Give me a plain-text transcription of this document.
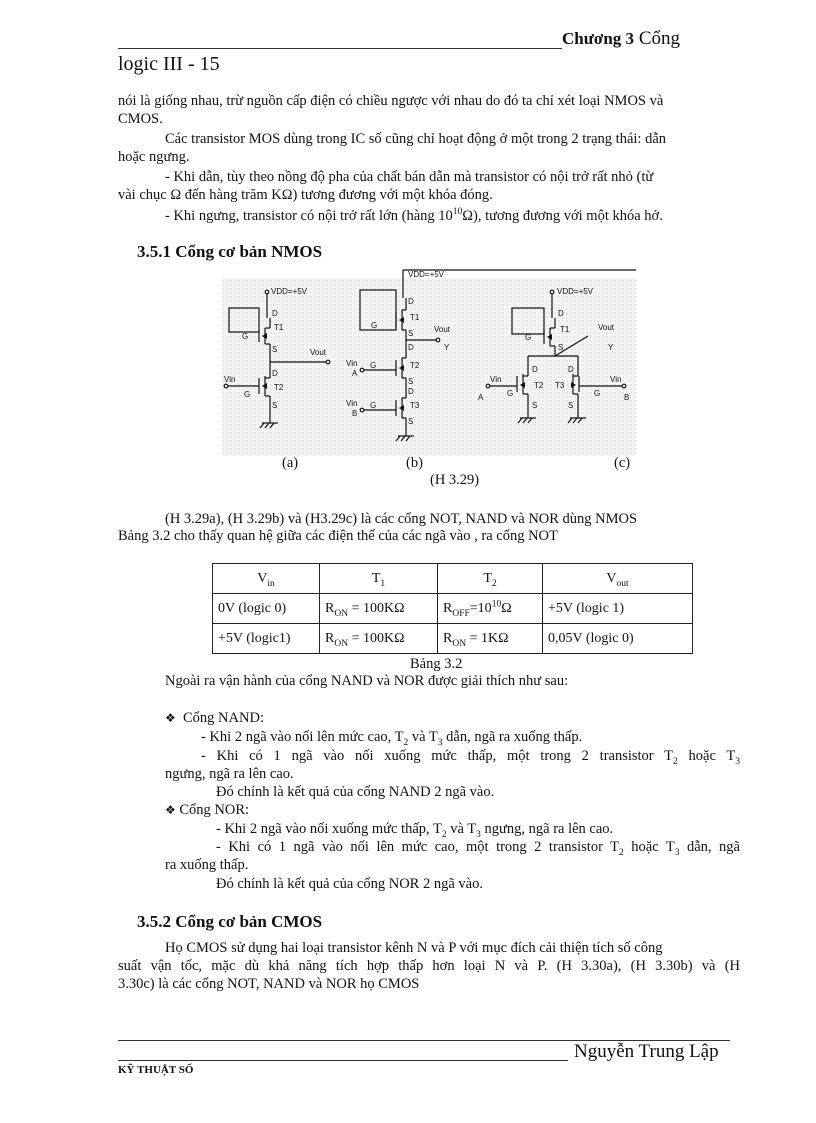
Chương 3 Cổng
logic III - 15
nói là giống nhau, trừ nguồn cấp điện có chiều ngược với nhau do đó ta chỉ xét loại NMOS và
CMOS.
Các transistor MOS dùng trong IC số cũng chỉ hoạt động ở một trong 2 trạng thái: dẫn
hoặc ngưng.
- Khi dẫn, tùy theo nồng độ pha của chất bán dẫn mà transistor có nội trở rất nhỏ (từ
vài chục Ω đến hàng trăm KΩ) tương đương với một khóa đóng.
- Khi ngưng, transistor có nội trở rất lớn (hàng $10^{10}\Omega$), tương đương với một khóa hở.
3.5.1 Cổng cơ bản NMOS
VDD=+5V
D
T1
G
S	Vout
D
T2
Vin
G
S
VDD=+5V
D
T1
G
S	Vout
D	Y
T2
Vin G
A
S
D
T3
Vin G
B
S
VDD=+5V
D
T1
G
S
Vout
Y
D
T2
Vin
G
A
S
D
T3
G
Vin
B
S
(a)	(b)	(c)
(H 3.29)
(H 3.29a), (H 3.29b) và (H3.29c) là các cổng NOT, NAND và NOR dùng NMOS
Bảng 3.2 cho thấy quan hệ giữa các điện thế của các ngã vào , ra cổng NOT
$V_{in}$	$T_1$	$T_2$	$V_{out}$
0V (logic 0)	$R_{ON} = 100K\Omega$	$R_{OFF}=10^{10}\Omega$	+5V (logic 1)
+5V (logic1)	$R_{ON} = 100K\Omega$	$R_{ON} = 1K\Omega$	0,05V (logic 0)
Bảng 3.2
Ngoài ra vận hành của cổng NAND và NOR được giải thích như sau:
❖ Cổng NAND:
- Khi 2 ngã vào nối lên mức cao, $T_2$ và $T_3$ dẫn, ngã ra xuống thấp.
- Khi có 1 ngã vào nối xuống mức thấp, một trong 2 transistor $T_2$ hoặc $T_3$
ngưng, ngã ra lên cao.
Đó chính là kết quả của cổng NAND 2 ngã vào.
❖ Cổng NOR:
- Khi 2 ngã vào nối xuống mức thấp, $T_2$ và $T_3$ ngưng, ngã ra lên cao.
- Khi có 1 ngã vào nối lên mức cao, một trong 2 transistor $T_2$ hoặc $T_3$ dẫn, ngã
ra xuống thấp.
Đó chính là kết quả của cổng NOR 2 ngã vào.
3.5.2 Cổng cơ bản CMOS
Họ CMOS sử dụng hai loại transistor kênh N và P với mục đích cải thiện tích số công
suất vận tốc, mặc dù khả năng tích hợp thấp hơn loại N và P. (H 3.30a), (H 3.30b) và (H
3.30c) là các cổng NOT, NAND và NOR họ CMOS
Nguyễn Trung Lập
KỸ THUẬT SỐ
